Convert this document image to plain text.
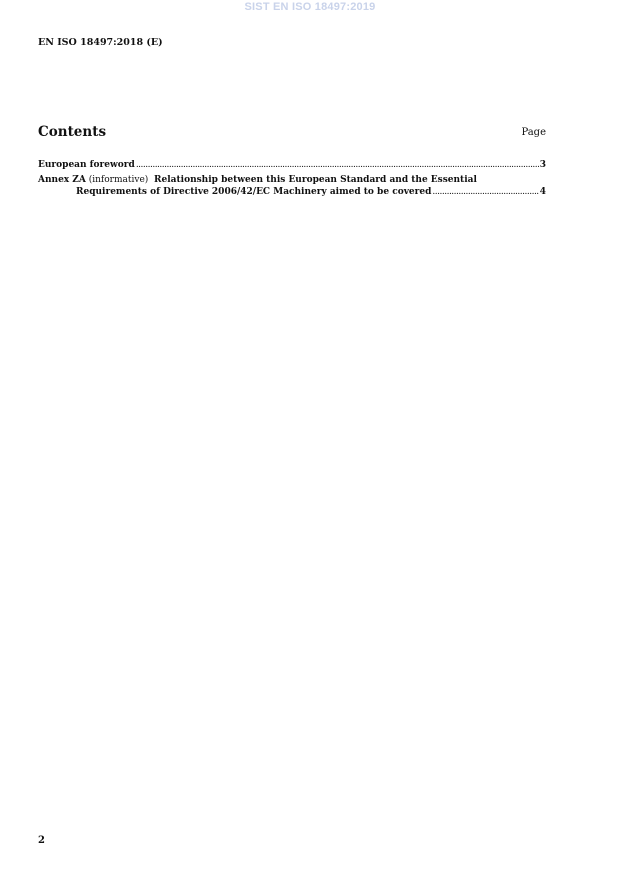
SIST EN ISO 18497:2019
EN ISO 18497:2018 (E)
Contents	Page
European foreword .....	3
Annex ZA
(informative)
Relationship between this European Standard and the Essential
Requirements of Directive 2006/42/EC Machinery aimed to be covered .....	4
2
